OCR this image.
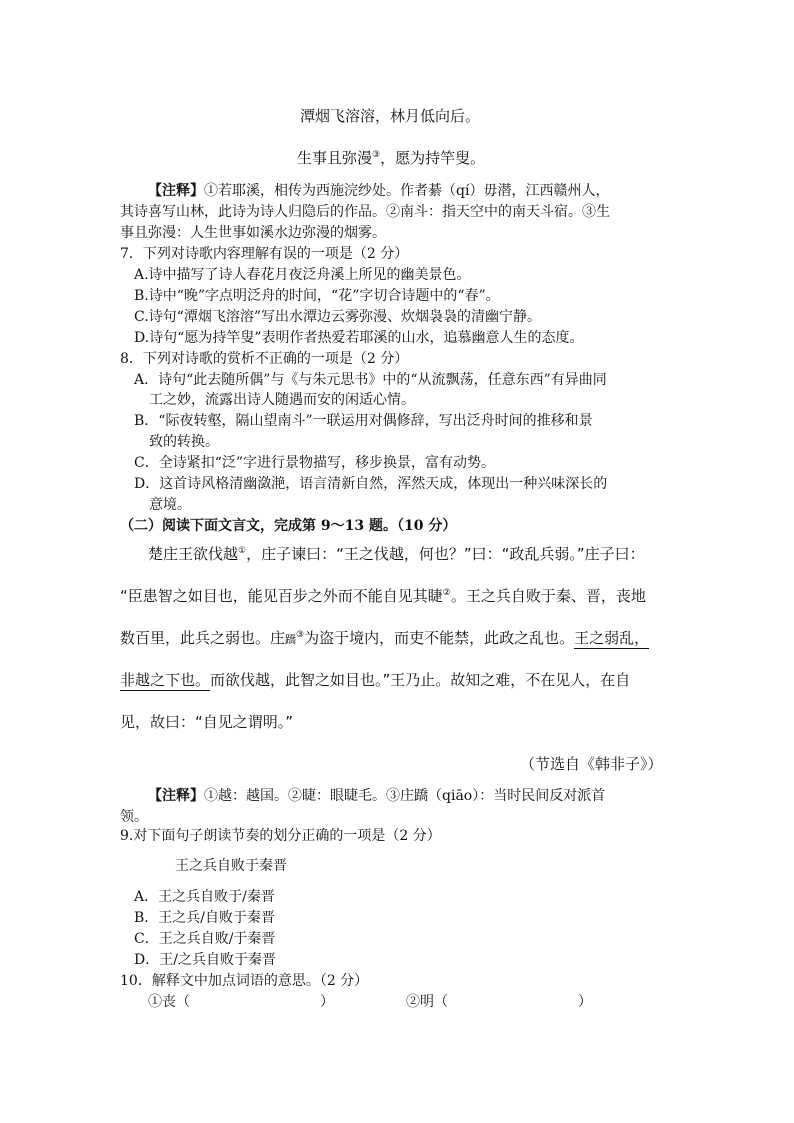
潭烟飞溶溶，林月低向后。
生事且弥漫③，愿为持竿叟。
【注释】①若耶溪，相传为西施浣纱处。作者綦（qí）毋潜，江西赣州人，
其诗喜写山林，此诗为诗人归隐后的作品。②南斗：指天空中的南天斗宿。③生
事且弥漫：人生世事如溪水边弥漫的烟雾。
7．下列对诗歌内容理解有误的一项是（2 分）
A.诗中描写了诗人春花月夜泛舟溪上所见的幽美景色。
B.诗中“晚”字点明泛舟的时间，“花”字切合诗题中的“春”。
C.诗句“潭烟飞溶溶”写出水潭边云雾弥漫、炊烟袅袅的清幽宁静。
D.诗句“愿为持竿叟”表明作者热爱若耶溪的山水，追慕幽意人生的态度。
8．下列对诗歌的赏析不正确的一项是（2 分）
A．诗句“此去随所偶”与《与朱元思书》中的“从流飘荡，任意东西”有异曲同
工之妙，流露出诗人随遇而安的闲适心情。
B．“际夜转壑，隔山望南斗”一联运用对偶修辞，写出泛舟时间的推移和景
致的转换。
C．全诗紧扣“泛”字进行景物描写，移步换景，富有动势。
D．这首诗风格清幽潋滟，语言清新自然，浑然天成，体现出一种兴味深长的
意境。
（二）阅读下面文言文，完成第 9～13 题。（10 分）
楚庄王欲伐越①，庄子谏曰：“王之伐越，何也？”曰：“政乱兵弱。”庄子曰：
“臣患智之如目也，能见百步之外而不能自见其睫②。王之兵自败于秦、晋，丧地
数百里，此兵之弱也。庄蹻③为盗于境内，而吏不能禁，此政之乱也。王之弱乱，
非越之下也。而欲伐越，此智之如目也。”王乃止。故知之难，不在见人，在自
见，故曰：“自见之谓明。”
（节选自《韩非子》）
【注释】①越：越国。②睫：眼睫毛。③庄蹻（qiāo）：当时民间反对派首
领。
9.对下面句子朗读节奏的划分正确的一项是（2 分）
王之兵自败于秦晋
A．王之兵自败于/秦晋
B．王之兵/自败于秦晋
C．王之兵自败/于秦晋
D．王/之兵自败于秦晋
10．解释文中加点词语的意思。（2 分）
①丧（	）	②明（	）
